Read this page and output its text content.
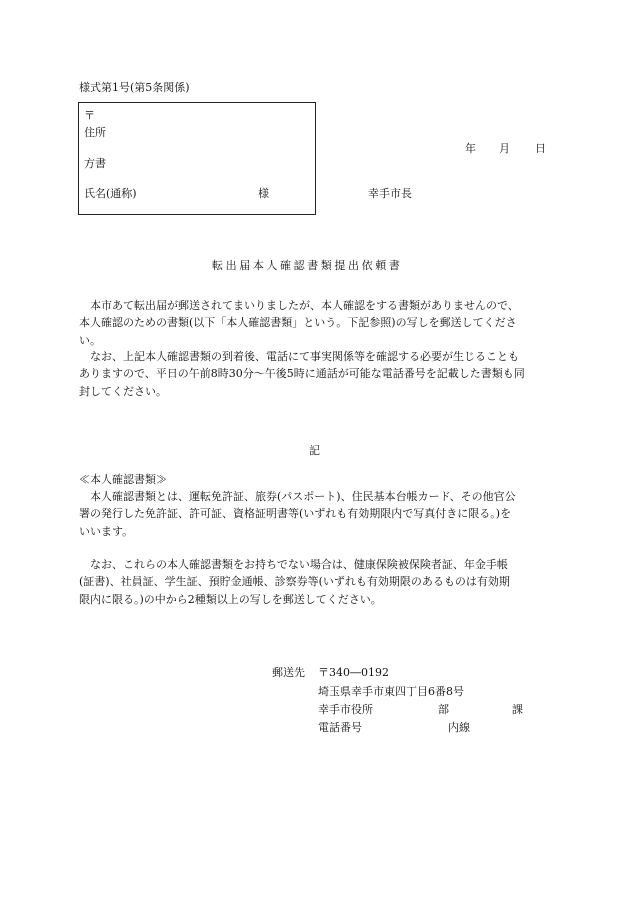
様式第1号(第5条関係)
〒
住所
方書
氏名(通称)	様	幸手市長
年 月 日
転出届本人確認書類提出依頼書
　本市あて転出届が郵送されてまいりましたが、本人確認をする書類がありませんので、
本人確認のための書類(以下「本人確認書類」という。下記参照)の写しを郵送してくださ
い。
　なお、上記本人確認書類の到着後、電話にて事実関係等を確認する必要が生じることも
ありますので、平日の午前8時30分～午後5時に通話が可能な電話番号を記載した書類も同
封してください。
記
≪本人確認書類≫
　本人確認書類とは、運転免許証、旅券(パスポート)、住民基本台帳カード、その他官公
署の発行した免許証、許可証、資格証明書等(いずれも有効期限内で写真付きに限る。)を
いいます。
　なお、これらの本人確認書類をお持ちでない場合は、健康保険被保険者証、年金手帳
(証書)、社員証、学生証、預貯金通帳、診察券等(いずれも有効期限のあるものは有効期
限内に限る。)の中から2種類以上の写しを郵送してください。
郵送先 〒340―0192
埼玉県幸手市東四丁目6番8号
幸手市役所	部	課
電話番号	内線
